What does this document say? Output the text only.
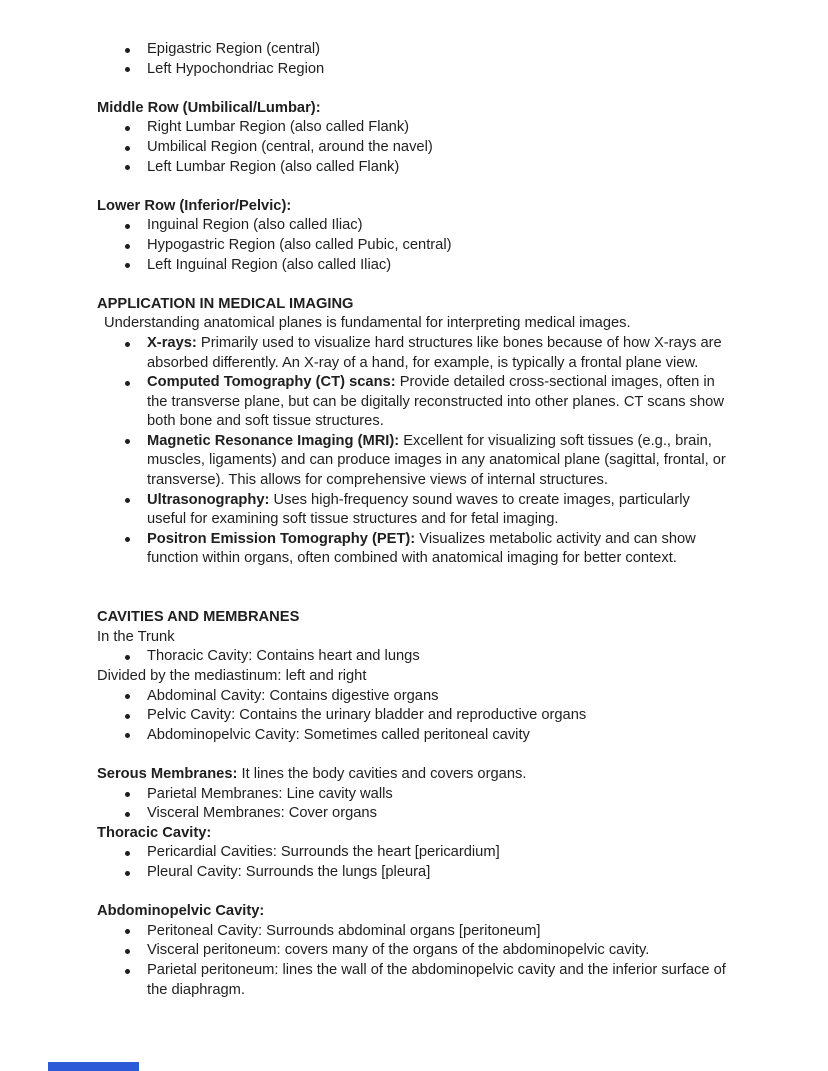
Epigastric Region (central)
Left Hypochondriac Region
Middle Row (Umbilical/Lumbar):
Right Lumbar Region (also called Flank)
Umbilical Region (central, around the navel)
Left Lumbar Region (also called Flank)
Lower Row (Inferior/Pelvic):
Inguinal Region (also called Iliac)
Hypogastric Region (also called Pubic, central)
Left Inguinal Region (also called Iliac)
APPLICATION IN MEDICAL IMAGING
Understanding anatomical planes is fundamental for interpreting medical images.
X-rays: Primarily used to visualize hard structures like bones because of how X-rays are absorbed differently. An X-ray of a hand, for example, is typically a frontal plane view.
Computed Tomography (CT) scans: Provide detailed cross-sectional images, often in the transverse plane, but can be digitally reconstructed into other planes. CT scans show both bone and soft tissue structures.
Magnetic Resonance Imaging (MRI): Excellent for visualizing soft tissues (e.g., brain, muscles, ligaments) and can produce images in any anatomical plane (sagittal, frontal, or transverse). This allows for comprehensive views of internal structures.
Ultrasonography: Uses high-frequency sound waves to create images, particularly useful for examining soft tissue structures and for fetal imaging.
Positron Emission Tomography (PET): Visualizes metabolic activity and can show function within organs, often combined with anatomical imaging for better context.
CAVITIES AND MEMBRANES
In the Trunk
Thoracic Cavity: Contains heart and lungs
Divided by the mediastinum: left and right
Abdominal Cavity: Contains digestive organs
Pelvic Cavity: Contains the urinary bladder and reproductive organs
Abdominopelvic Cavity: Sometimes called peritoneal cavity
Serous Membranes: It lines the body cavities and covers organs.
Parietal Membranes: Line cavity walls
Visceral Membranes: Cover organs
Thoracic Cavity:
Pericardial Cavities: Surrounds the heart [pericardium]
Pleural Cavity: Surrounds the lungs [pleura]
Abdominopelvic Cavity:
Peritoneal Cavity: Surrounds abdominal organs [peritoneum]
Visceral peritoneum: covers many of the organs of the abdominopelvic cavity.
Parietal peritoneum: lines the wall of the abdominopelvic cavity and the inferior surface of the diaphragm.
